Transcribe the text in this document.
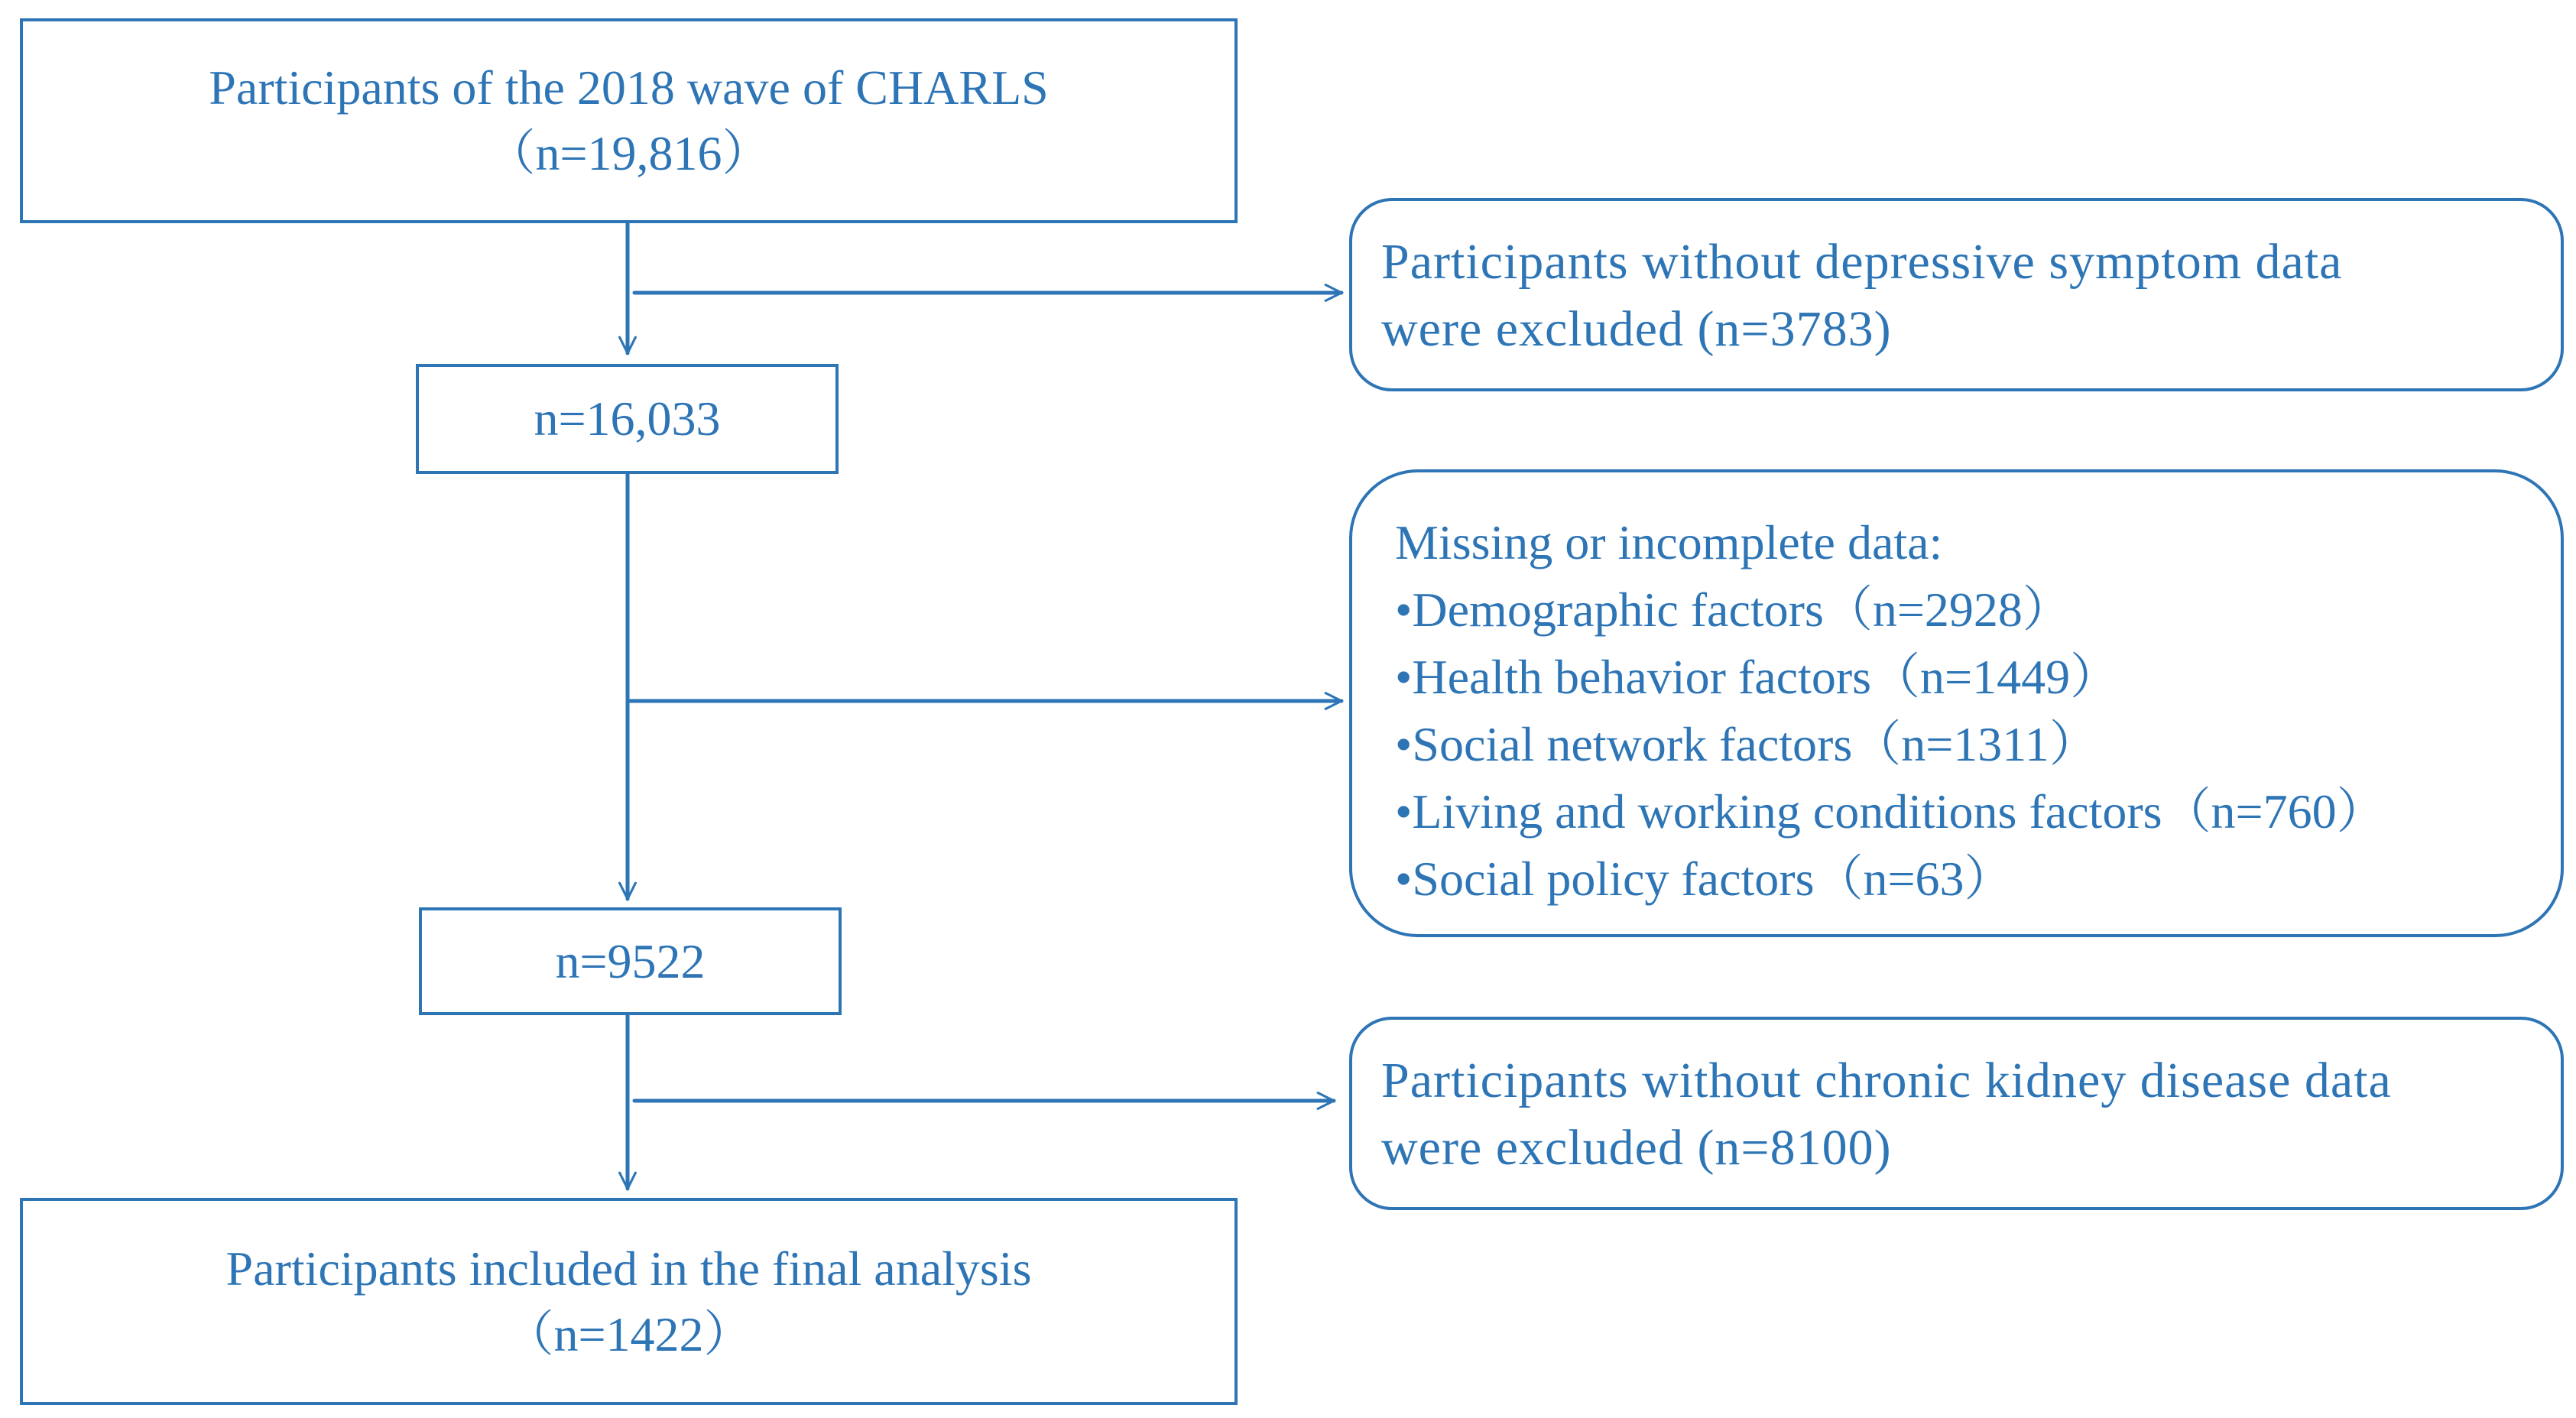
Participants of the 2018 wave of CHARLS
（n=19,816）
n=16,033
n=9522
Participants included in the final analysis
（n=1422）
Participants without depressive symptom data
were excluded (n=3783)
Missing or incomplete data:
•Demographic factors（n=2928）
•Health behavior factors（n=1449）
•Social network factors（n=1311）
•Living and working conditions factors（n=760）
•Social policy factors（n=63）
Participants without chronic kidney disease data
were excluded (n=8100)
